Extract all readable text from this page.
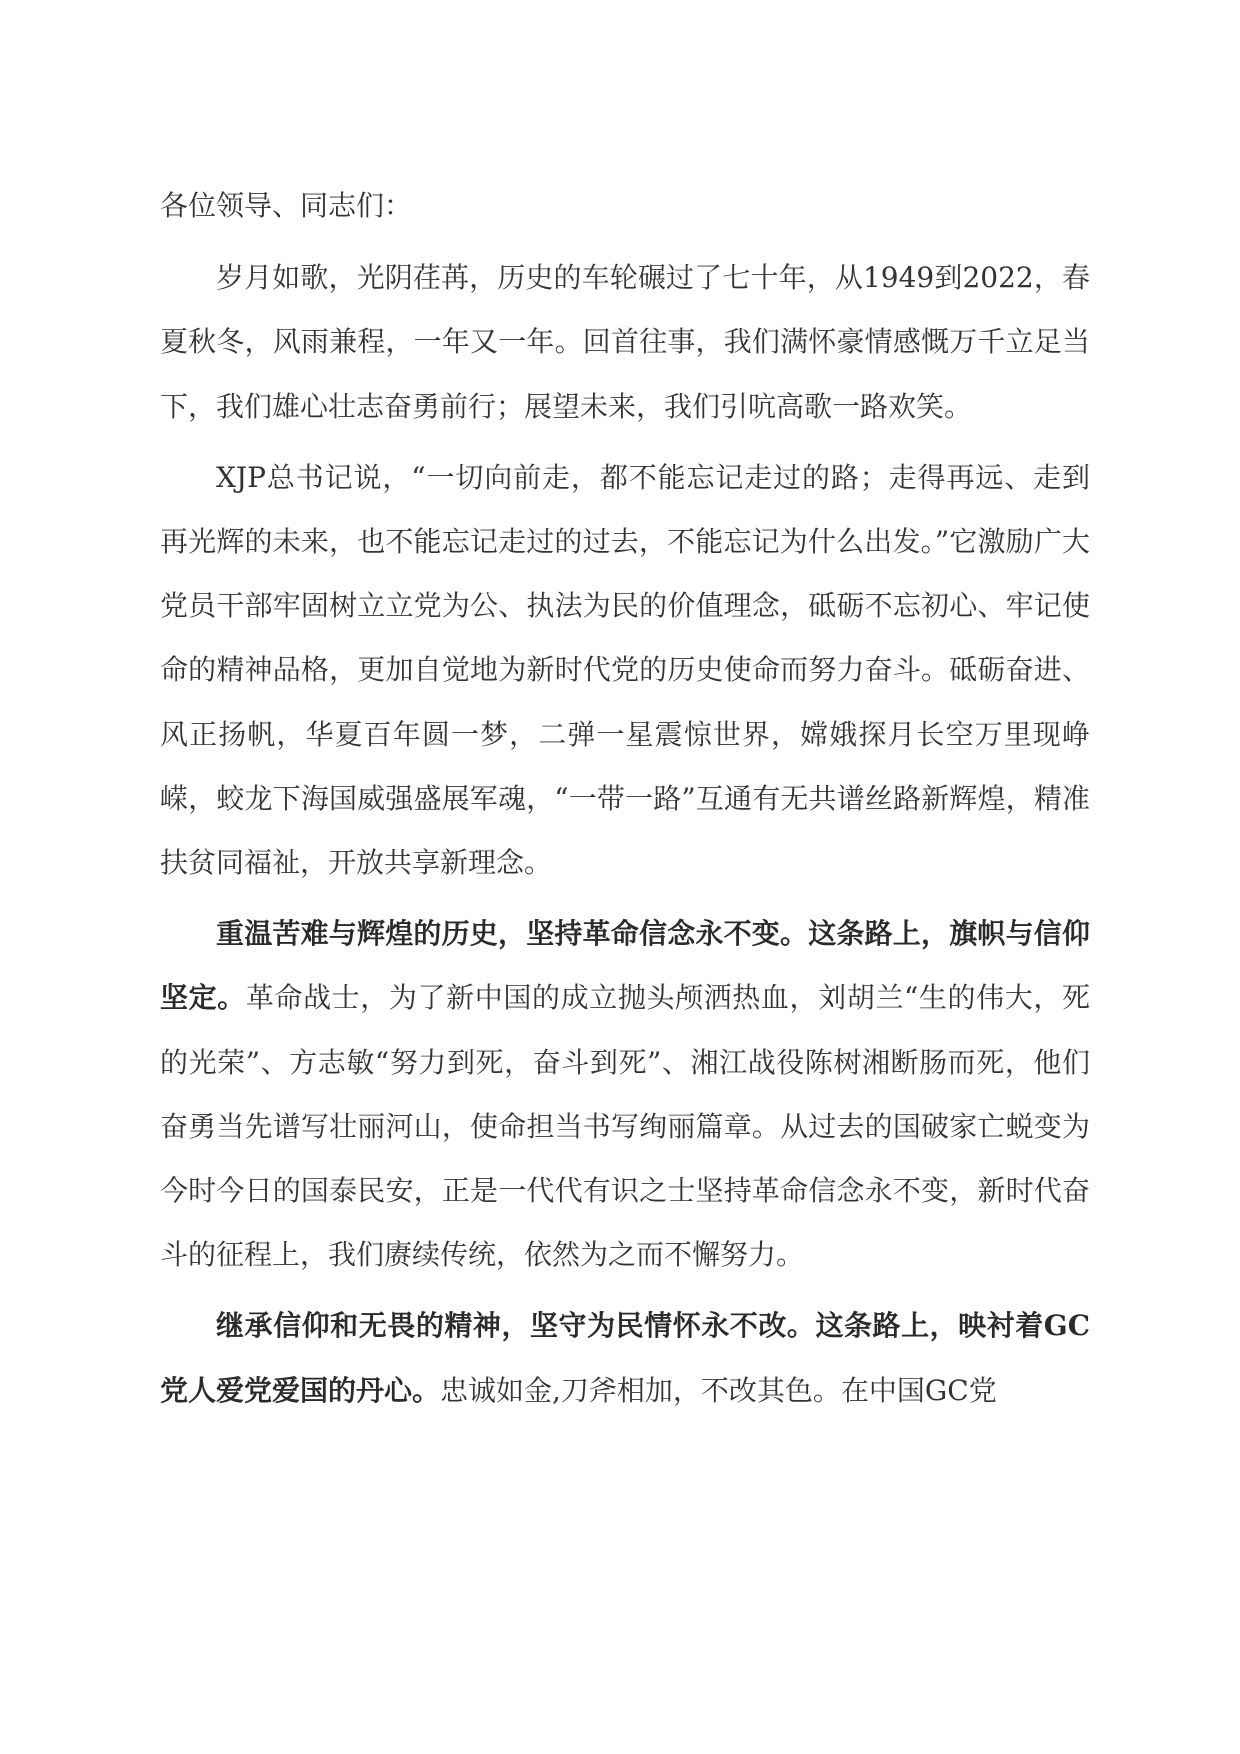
各位领导、同志们：

岁月如歌，光阴荏苒，历史的车轮碾过了七十年，从1949到2022，春夏秋冬，风雨兼程，一年又一年。回首往事，我们满怀豪情感慨万千立足当下，我们雄心壮志奋勇前行；展望未来，我们引吭高歌一路欢笑。

XJP总书记说，“一切向前走，都不能忘记走过的路；走得再远、走到再光辉的未来，也不能忘记走过的过去，不能忘记为什么出发。”它激励广大党员干部牢固树立立党为公、执法为民的价值理念，砥砺不忘初心、牢记使命的精神品格，更加自觉地为新时代党的历史使命而努力奋斗。砥砺奋进、风正扬帆，华夏百年圆一梦，二弹一星震惊世界，嫦娥探月长空万里现峥嵘，蛟龙下海国威强盛展军魂，“一带一路”互通有无共谱丝路新辉煌，精准扶贫同福祉，开放共享新理念。

重温苦难与辉煌的历史，坚持革命信念永不变。这条路上，旗帜与信仰坚定。革命战士，为了新中国的成立抛头颅洒热血，刘胡兰“生的伟大，死的光荣”、方志敏“努力到死，奋斗到死”、湘江战役陈树湘断肠而死，他们奋勇当先谱写壮丽河山，使命担当书写绚丽篇章。从过去的国破家亡蜕变为今时今日的国泰民安，正是一代代有识之士坚持革命信念永不变，新时代奋斗的征程上，我们赓续传统，依然为之而不懈努力。

继承信仰和无畏的精神，坚守为民情怀永不改。这条路上，映衬着GC党人爱党爱国的丹心。忠诚如金,刀斧相加，不改其色。在中国GC党
